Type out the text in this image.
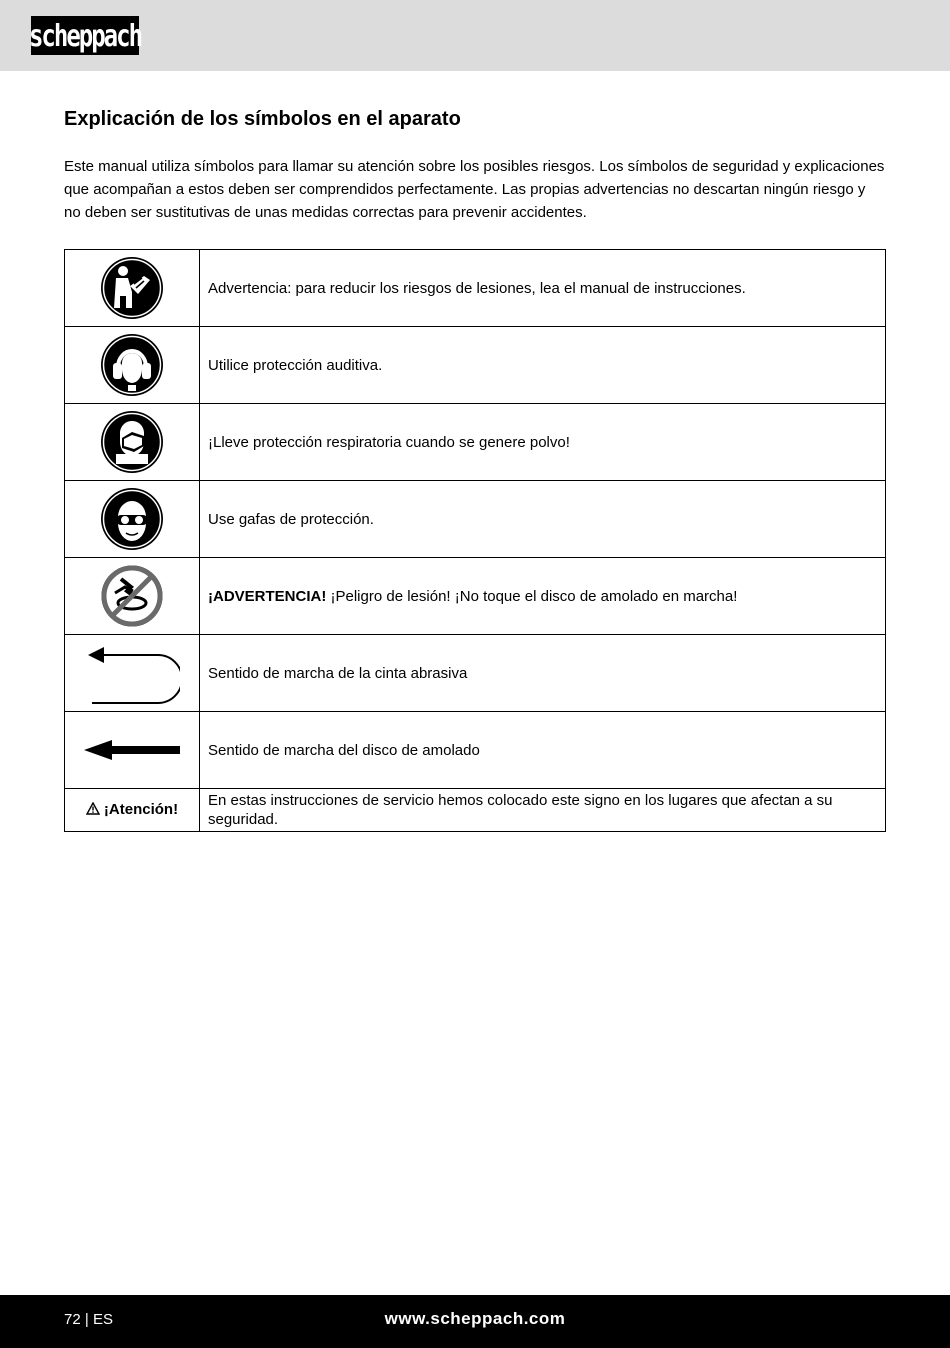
scheppach
Explicación de los símbolos en el aparato

Este manual utiliza símbolos para llamar su atención sobre los posibles riesgos. Los símbolos de seguridad y explicaciones que acompañan a estos deben ser comprendidos perfectamente. Las propias advertencias no descartan ningún riesgo y no deben ser sustitutivas de unas medidas correctas para prevenir accidentes.

	Advertencia: para reducir los riesgos de lesiones, lea el manual de instrucciones.

	Utilice protección auditiva.

	¡Lleve protección respiratoria cuando se genere polvo!

	Use gafas de protección.

	¡ADVERTENCIA! ¡Peligro de lesión! ¡No toque el disco de amolado en marcha!

	Sentido de marcha de la cinta abrasiva

	Sentido de marcha del disco de amolado
¡Atención!	En estas instrucciones de servicio hemos colocado este signo en los lugares que afectan a su seguridad.
72 | ES	www.scheppach.com
